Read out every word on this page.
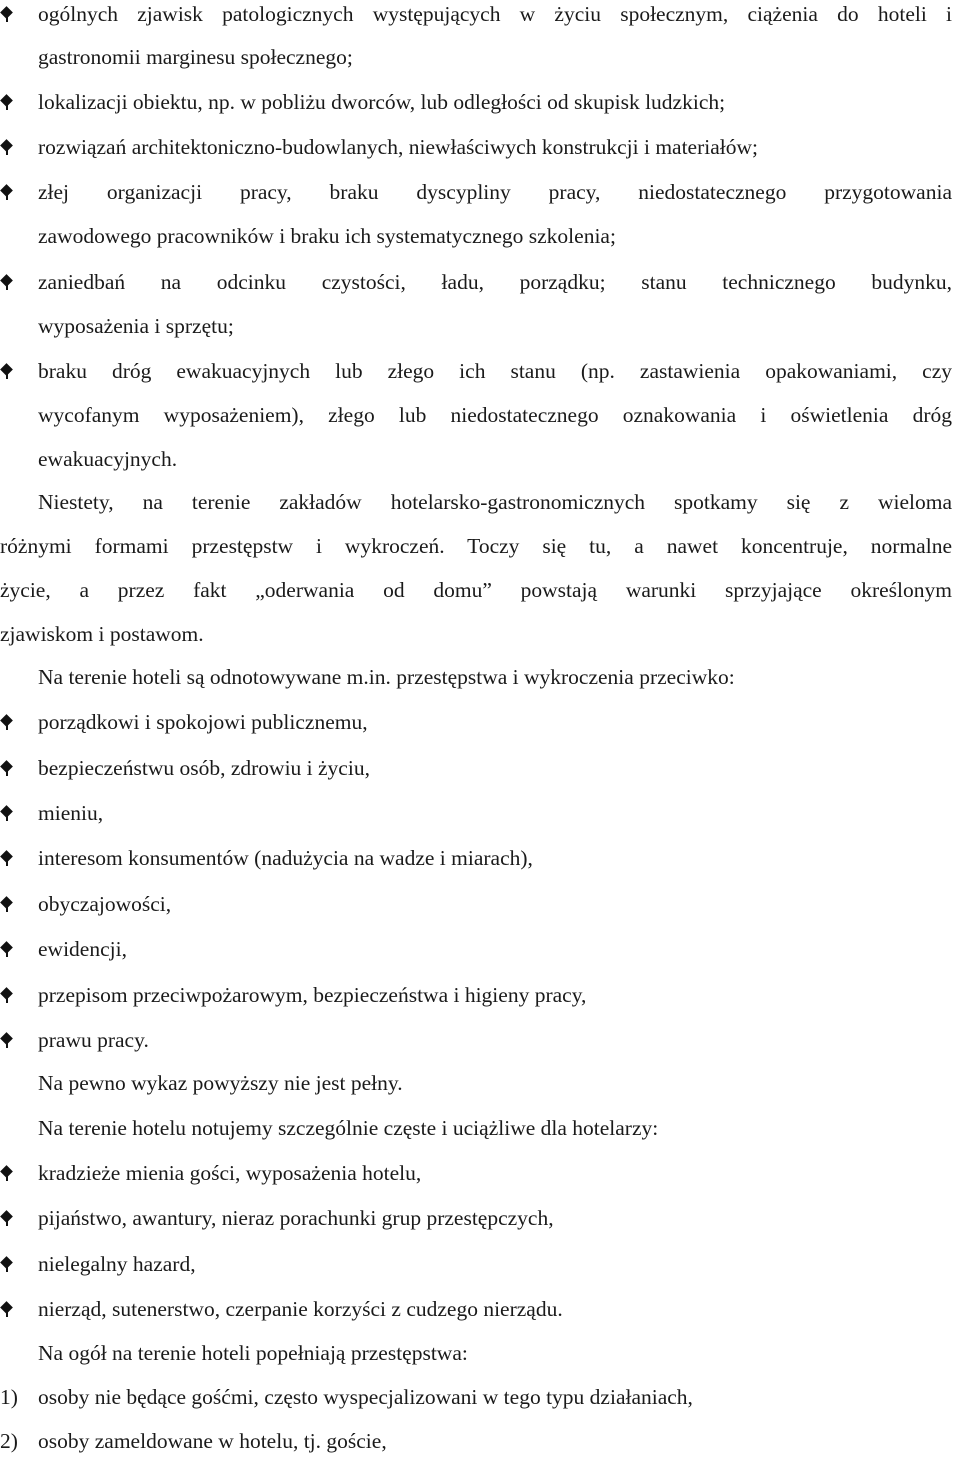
ogólnych zjawisk patologicznych występujących w życiu społecznym, ciążenia do hoteli i
gastronomii marginesu społecznego;
lokalizacji obiektu, np. w pobliżu dworców, lub odległości od skupisk ludzkich;
rozwiązań architektoniczno-budowlanych, niewłaściwych konstrukcji i materiałów;
złej organizacji pracy, braku dyscypliny pracy, niedostatecznego przygotowania
zawodowego pracowników i braku ich systematycznego szkolenia;
zaniedbań na odcinku czystości, ładu, porządku; stanu technicznego budynku,
wyposażenia i sprzętu;
braku dróg ewakuacyjnych lub złego ich stanu (np. zastawienia opakowaniami, czy
wycofanym wyposażeniem), złego lub niedostatecznego oznakowania i oświetlenia dróg
ewakuacyjnych.
Niestety, na terenie zakładów hotelarsko-gastronomicznych spotkamy się z wieloma
różnymi formami przestępstw i wykroczeń. Toczy się tu, a nawet koncentruje, normalne
życie, a przez fakt „oderwania od domu” powstają warunki sprzyjające określonym
zjawiskom i postawom.
Na terenie hoteli są odnotowywane m.in. przestępstwa i wykroczenia przeciwko:
porządkowi i spokojowi publicznemu,
bezpieczeństwu osób, zdrowiu i życiu,
mieniu,
interesom konsumentów (nadużycia na wadze i miarach),
obyczajowości,
ewidencji,
przepisom przeciwpożarowym, bezpieczeństwa i higieny pracy,
prawu pracy.
Na pewno wykaz powyższy nie jest pełny.
Na terenie hotelu notujemy szczególnie częste i uciążliwe dla hotelarzy:
kradzieże mienia gości, wyposażenia hotelu,
pijaństwo, awantury, nieraz porachunki grup przestępczych,
nielegalny hazard,
nierząd, sutenerstwo, czerpanie korzyści z cudzego nierządu.
Na ogół na terenie hoteli popełniają przestępstwa:
1) osoby nie będące gośćmi, często wyspecjalizowani w tego typu działaniach,
2) osoby zameldowane w hotelu, tj. goście,
